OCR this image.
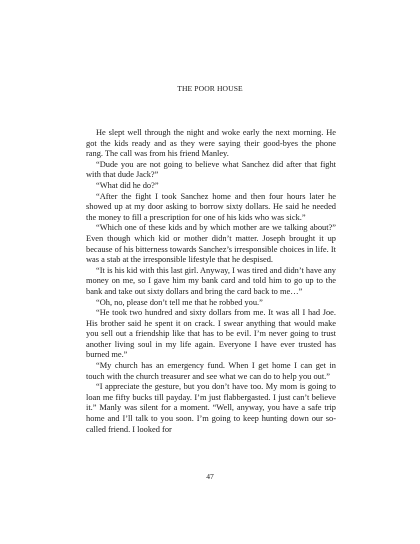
THE POOR HOUSE

He slept well through the night and woke early the next morning. He got the kids ready and as they were saying their good-byes the phone rang. The call was from his friend Manley.

“Dude you are not going to believe what Sanchez did after that fight with that dude Jack?”

“What did he do?”

“After the fight I took Sanchez home and then four hours later he showed up at my door asking to borrow sixty dollars. He said he needed the money to fill a prescription for one of his kids who was sick.”

“Which one of these kids and by which mother are we talking about?” Even though which kid or mother didn’t matter. Joseph brought it up because of his bitterness towards Sanchez’s irresponsible choices in life. It was a stab at the irresponsible lifestyle that he despised.

“It is his kid with this last girl. Anyway, I was tired and didn’t have any money on me, so I gave him my bank card and told him to go up to the bank and take out sixty dollars and bring the card back to me…”

“Oh, no, please don’t tell me that he robbed you.”

“He took two hundred and sixty dollars from me. It was all I had Joe. His brother said he spent it on crack. I swear anything that would make you sell out a friendship like that has to be evil. I’m never going to trust another living soul in my life again. Everyone I have ever trusted has burned me.”

“My church has an emergency fund. When I get home I can get in touch with the church treasurer and see what we can do to help you out.”

“I appreciate the gesture, but you don’t have too. My mom is going to loan me fifty bucks till payday. I’m just flabbergasted. I just can’t believe it.” Manly was silent for a moment. “Well, anyway, you have a safe trip home and I’ll talk to you soon. I’m going to keep hunting down our so-called friend. I looked for

47
